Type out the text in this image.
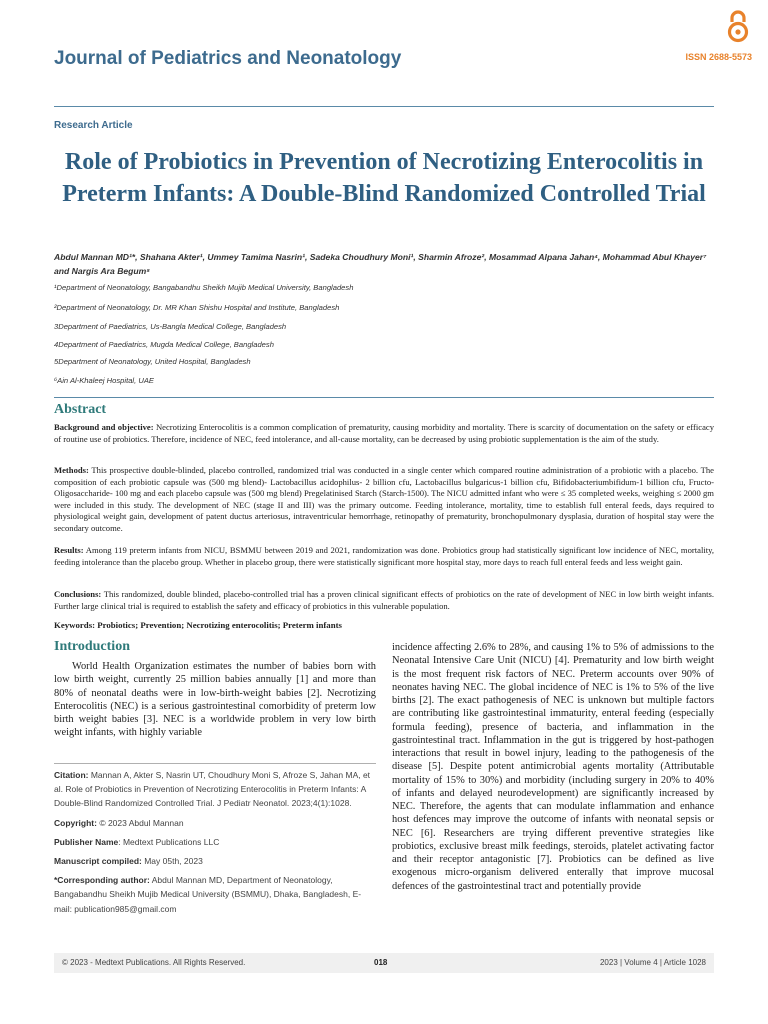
Journal of Pediatrics and Neonatology	ISSN 2688-5573
Research Article
Role of Probiotics in Prevention of Necrotizing Enterocolitis in Preterm Infants: A Double-Blind Randomized Controlled Trial
Abdul Mannan MD¹*, Shahana Akter¹, Ummey Tamima Nasrin¹, Sadeka Choudhury Moni¹, Sharmin Afroze², Mosammad Alpana Jahan⁴, Mohammad Abul Khayer⁷ and Nargis Ara Begum⁸
¹Department of Neonatology, Bangabandhu Sheikh Mujib Medical University, Bangladesh
²Department of Neonatology, Dr. MR Khan Shishu Hospital and Institute, Bangladesh
3Department of Paediatrics, Us-Bangla Medical College, Bangladesh
4Department of Paediatrics, Mugda Medical College, Bangladesh
5Department of Neonatology, United Hospital, Bangladesh
⁶Ain Al-Khaleej Hospital, UAE
Abstract
Background and objective: Necrotizing Enterocolitis is a common complication of prematurity, causing morbidity and mortality. There is scarcity of documentation on the safety or efficacy of routine use of probiotics. Therefore, incidence of NEC, feed intolerance, and all-cause mortality, can be decreased by using probiotic supplementation is the aim of the study.
Methods: This prospective double-blinded, placebo controlled, randomized trial was conducted in a single center which compared routine administration of a probiotic with a placebo. The composition of each probiotic capsule was (500 mg blend)- Lactobacillus acidophilus- 2 billion cfu, Lactobacillus bulgaricus-1 billion cfu, Bifidobacteriumbifidum-1 billion cfu, Fructo-Oligosaccharide- 100 mg and each placebo capsule was (500 mg blend) Pregelatinised Starch (Starch-1500). The NICU admitted infant who were ≤ 35 completed weeks, weighing ≤ 2000 gm were included in this study. The development of NEC (stage II and III) was the primary outcome. Feeding intolerance, mortality, time to establish full enteral feeds, days required to physiological weight gain, development of patent ductus arteriosus, intraventricular hemorrhage, retinopathy of prematurity, bronchopulmonary dysplasia, duration of hospital stay were the secondary outcome.
Results: Among 119 preterm infants from NICU, BSMMU between 2019 and 2021, randomization was done. Probiotics group had statistically significant low incidence of NEC, mortality, feeding intolerance than the placebo group. Whether in placebo group, there were statistically significant more hospital stay, more days to reach full enteral feeds and less weight gain.
Conclusions: This randomized, double blinded, placebo-controlled trial has a proven clinical significant effects of probiotics on the rate of development of NEC in low birth weight infants. Further large clinical trial is required to establish the safety and efficacy of probiotics in this vulnerable population.
Keywords: Probiotics; Prevention; Necrotizing enterocolitis; Preterm infants
Introduction

World Health Organization estimates the number of babies born with low birth weight, currently 25 million babies annually [1] and more than 80% of neonatal deaths were in low-birth-weight babies [2]. Necrotizing Enterocolitis (NEC) is a serious gastrointestinal comorbidity of preterm low birth weight babies [3]. NEC is a worldwide problem in very low birth weight infants, with highly variable

incidence affecting 2.6% to 28%, and causing 1% to 5% of admissions to the Neonatal Intensive Care Unit (NICU) [4]. Prematurity and low birth weight is the most frequent risk factors of NEC. Preterm accounts over 90% of neonates having NEC. The global incidence of NEC is 1% to 5% of the live births [2]. The exact pathogenesis of NEC is unknown but multiple factors are contributing like gastrointestinal immaturity, enteral feeding (especially formula feeding), presence of bacteria, and inflammation in the gastrointestinal tract. Inflammation in the gut is triggered by host-pathogen interactions that result in bowel injury, leading to the pathogenesis of the disease [5]. Despite potent antimicrobial agents mortality (Attributable mortality of 15% to 30%) and morbidity (including surgery in 20% to 40% of infants and delayed neurodevelopment) are significantly increased by NEC. Therefore, the agents that can modulate inflammation and enhance host defences may improve the outcome of infants with neonatal sepsis or NEC [6]. Researchers are trying different preventive strategies like probiotics, exclusive breast milk feedings, steroids, platelet activating factor and their receptor antagonistic [7]. Probiotics can be defined as live exogenous micro-organism delivered enterally that improve mucosal defences of the gastrointestinal tract and potentially provide

Citation: Mannan A, Akter S, Nasrin UT, Choudhury Moni S, Afroze S, Jahan MA, et al. Role of Probiotics in Prevention of Necrotizing Enterocolitis in Preterm Infants: A Double-Blind Randomized Controlled Trial. J Pediatr Neonatol. 2023;4(1):1028.

Copyright: © 2023 Abdul Mannan

Publisher Name: Medtext Publications LLC

Manuscript compiled: May 05th, 2023

*Corresponding author: Abdul Mannan MD, Department of Neonatology, Bangabandhu Sheikh Mujib Medical University (BSMMU), Dhaka, Bangladesh, E-mail: publication985@gmail.com

© 2023 - Medtext Publications. All Rights Reserved.	018	2023 | Volume 4 | Article 1028
